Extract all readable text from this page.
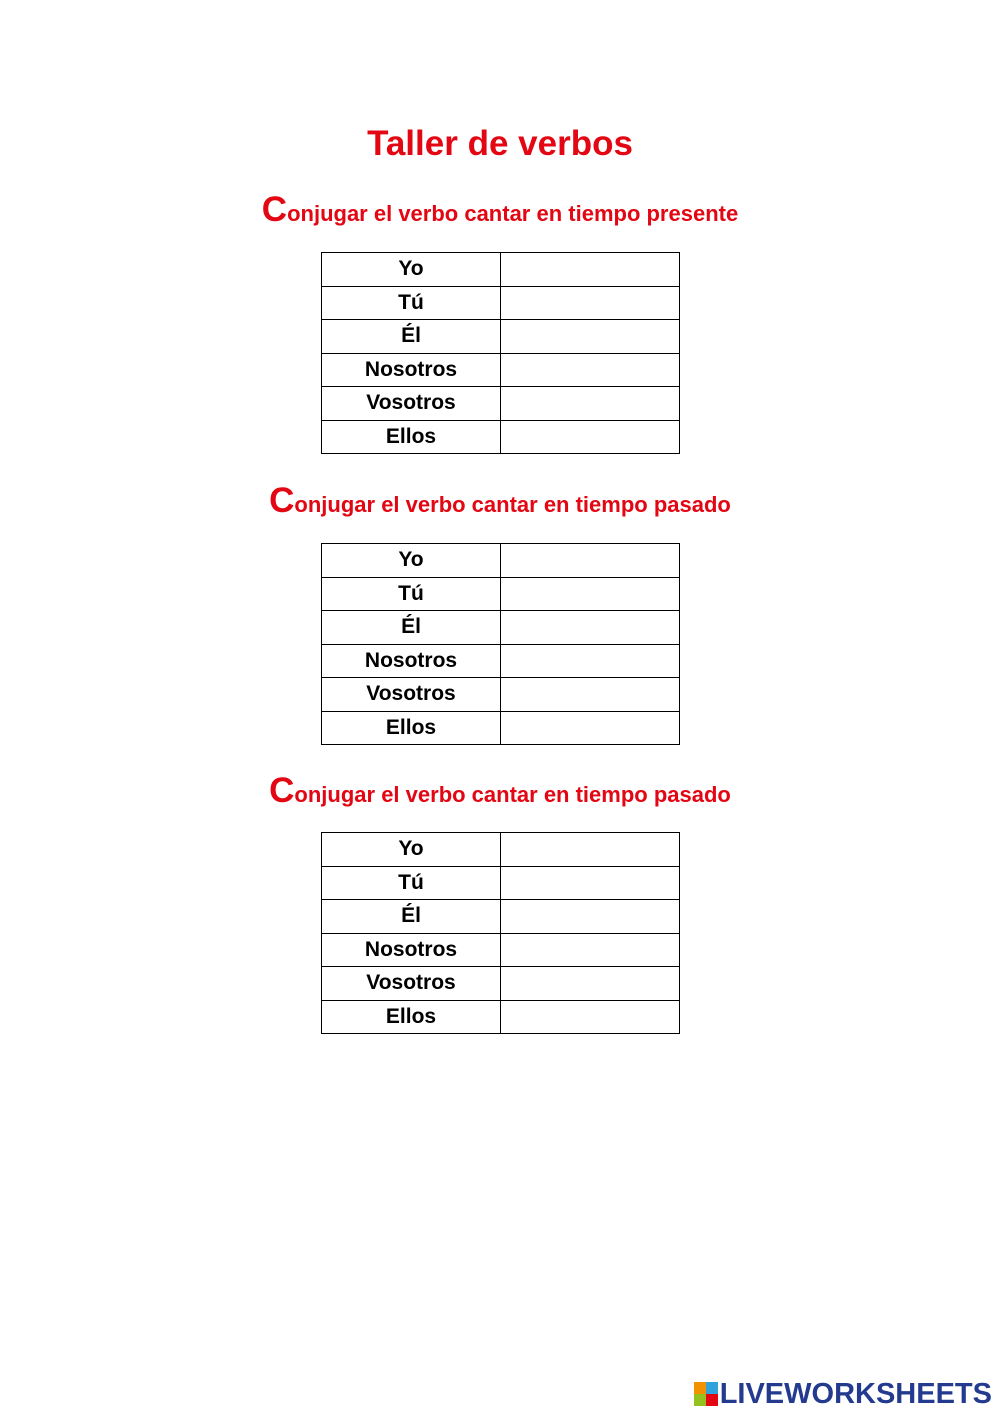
Taller de verbos

Conjugar el verbo cantar en tiempo presente

Yo	
Tú	
Él	
Nosotros	
Vosotros	
Ellos	

Conjugar el verbo cantar en tiempo pasado

Yo	
Tú	
Él	
Nosotros	
Vosotros	
Ellos	

Conjugar el verbo cantar en tiempo pasado

Yo	
Tú	
Él	
Nosotros	
Vosotros	
Ellos	
LIVEWORKSHEETS
